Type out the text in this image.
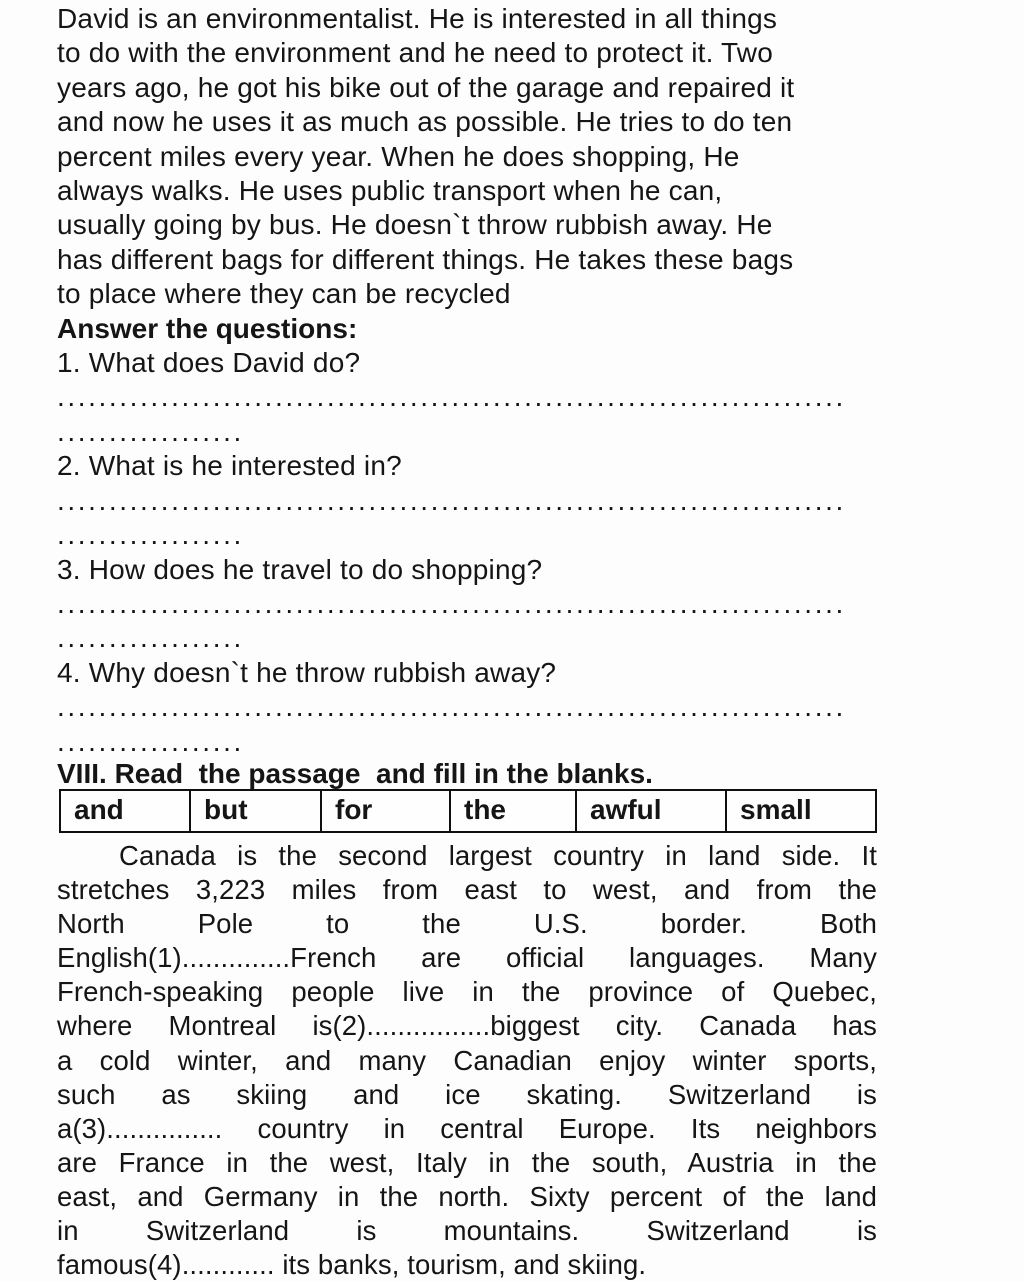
David is an environmentalist. He is interested in all things
to do with the environment and he need to protect it. Two
years ago, he got his bike out of the garage and repaired it
and now he uses it as much as possible. He tries to do ten
percent miles every year. When he does shopping, He
always walks. He uses public transport when he can,
usually going by bus. He doesn`t throw rubbish away. He
has different bags for different things. He takes these bags
to place where they can be recycled
Answer the questions:
1. What does David do?
............................................................................
..................
2. What is he interested in?
............................................................................
..................
3. How does he travel to do shopping?
............................................................................
..................
4. Why doesn`t he throw rubbish away?
............................................................................
..................
VIII. Read  the passage  and fill in the blanks.
and	but	for	the	awful	small
Canada is the second largest country in land side. It
stretches 3,223 miles from east to west, and from the
North Pole to the U.S. border. Both
English(1)..............French are official languages. Many
French-speaking people live in the province of Quebec,
where Montreal is(2)................biggest city. Canada has
a cold winter, and many Canadian enjoy winter sports,
such as skiing and ice skating. Switzerland is
a(3)............... country in central Europe. Its neighbors
are France in the west, Italy in the south, Austria in the
east, and Germany in the north. Sixty percent of the land
in Switzerland is mountains. Switzerland is
famous(4)............ its banks, tourism, and skiing.
